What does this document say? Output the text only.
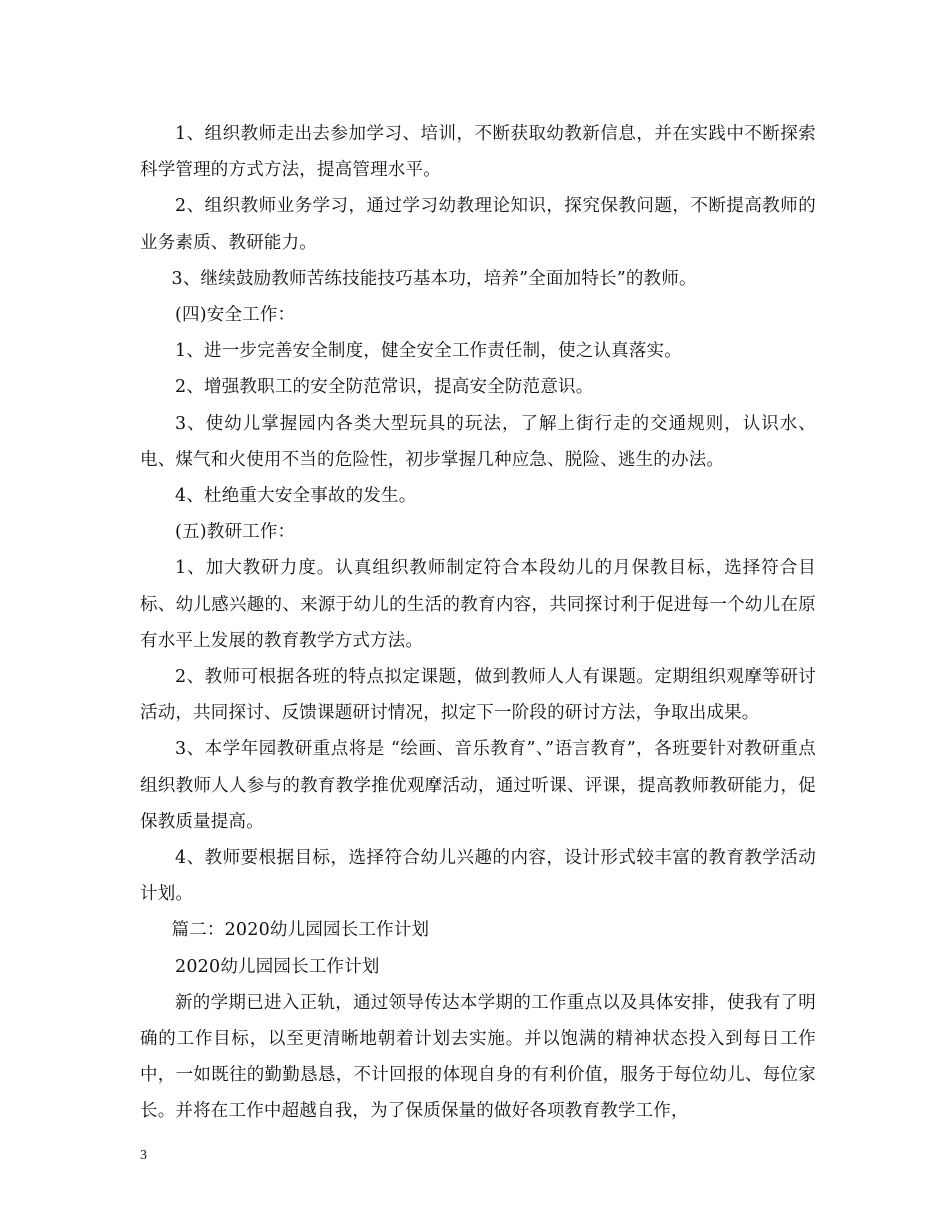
1、组织教师走出去参加学习、培训，不断获取幼教新信息，并在实践中不断探索科学管理的方式方法，提高管理水平。

2、组织教师业务学习，通过学习幼教理论知识，探究保教问题，不断提高教师的业务素质、教研能力。

3、继续鼓励教师苦练技能技巧基本功，培养”全面加特长”的教师。

(四)安全工作：

1、进一步完善安全制度，健全安全工作责任制，使之认真落实。

2、增强教职工的安全防范常识，提高安全防范意识。

3、使幼儿掌握园内各类大型玩具的玩法，了解上街行走的交通规则，认识水、电、煤气和火使用不当的危险性，初步掌握几种应急、脱险、逃生的办法。

4、杜绝重大安全事故的发生。

(五)教研工作：

1、加大教研力度。认真组织教师制定符合本段幼儿的月保教目标，选择符合目标、幼儿感兴趣的、来源于幼儿的生活的教育内容，共同探讨利于促进每一个幼儿在原有水平上发展的教育教学方式方法。

2、教师可根据各班的特点拟定课题，做到教师人人有课题。定期组织观摩等研讨活动，共同探讨、反馈课题研讨情况，拟定下一阶段的研讨方法，争取出成果。

3、本学年园教研重点将是 “绘画、音乐教育”、”语言教育”，各班要针对教研重点组织教师人人参与的教育教学推优观摩活动，通过听课、评课，提高教师教研能力，促保教质量提高。

4、教师要根据目标，选择符合幼儿兴趣的内容，设计形式较丰富的教育教学活动计划。

篇二：2020幼儿园园长工作计划

2020幼儿园园长工作计划

新的学期已进入正轨，通过领导传达本学期的工作重点以及具体安排，使我有了明确的工作目标，以至更清晰地朝着计划去实施。并以饱满的精神状态投入到每日工作中，一如既往的勤勤恳恳，不计回报的体现自身的有利价值，服务于每位幼儿、每位家长。并将在工作中超越自我，为了保质保量的做好各项教育教学工作，

3
